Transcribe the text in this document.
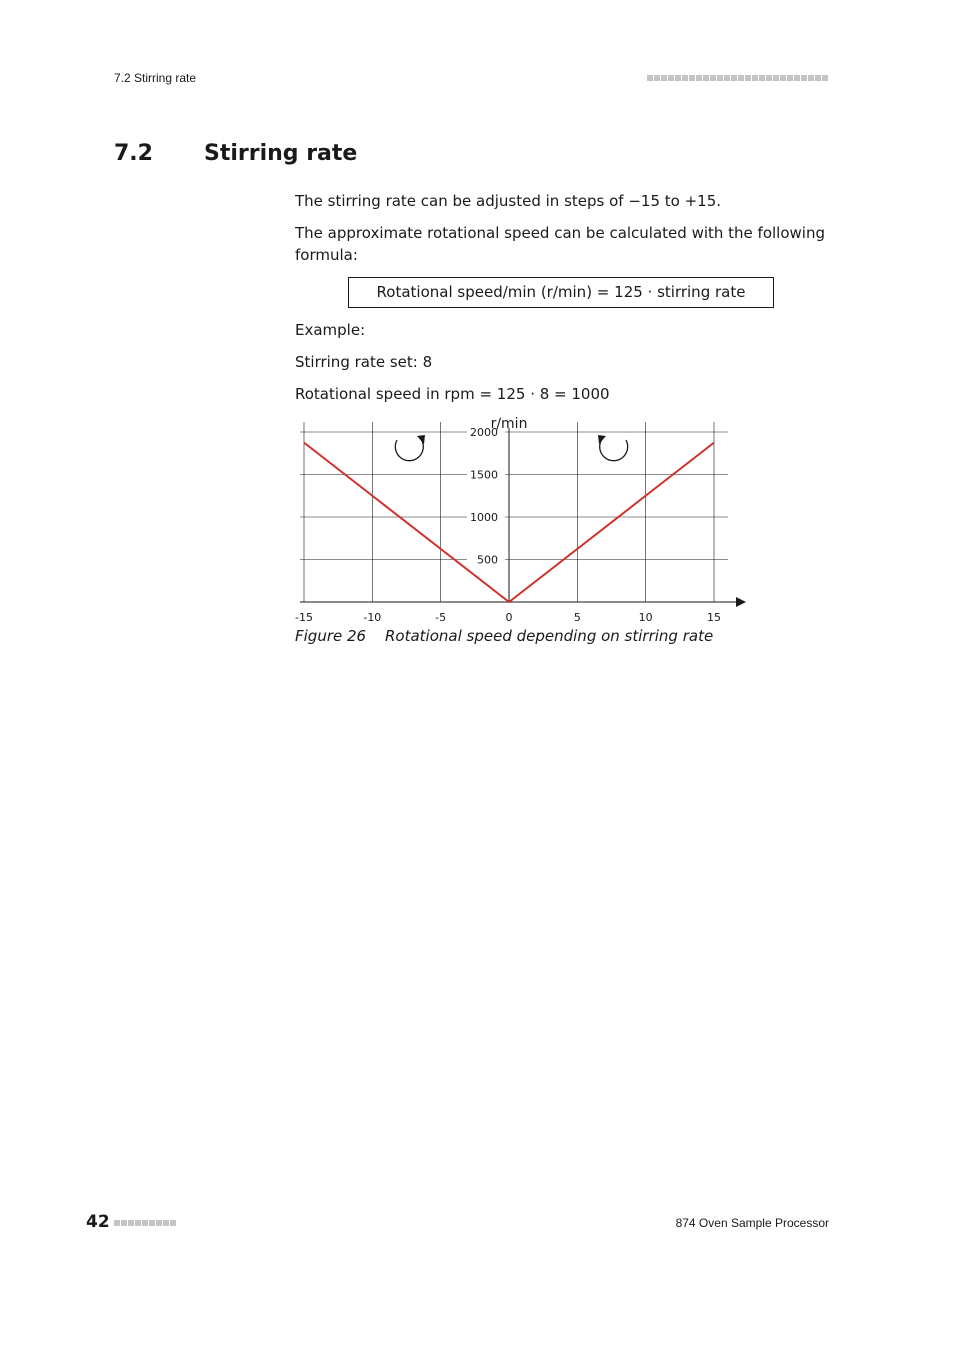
7.2 Stirring rate
7.2 Stirring rate
The stirring rate can be adjusted in steps of −15 to +15.
The approximate rotational speed can be calculated with the following formula:
Rotational speed/min (r/min) = 125 · stirring rate
Example:
Stirring rate set: 8
Rotational speed in rpm = 125 · 8 = 1000
500
1000
1500
2000
-15	-10	-5	0	5	10	15
r/min
Figure 26 Rotational speed depending on stirring rate
42	874 Oven Sample Processor
